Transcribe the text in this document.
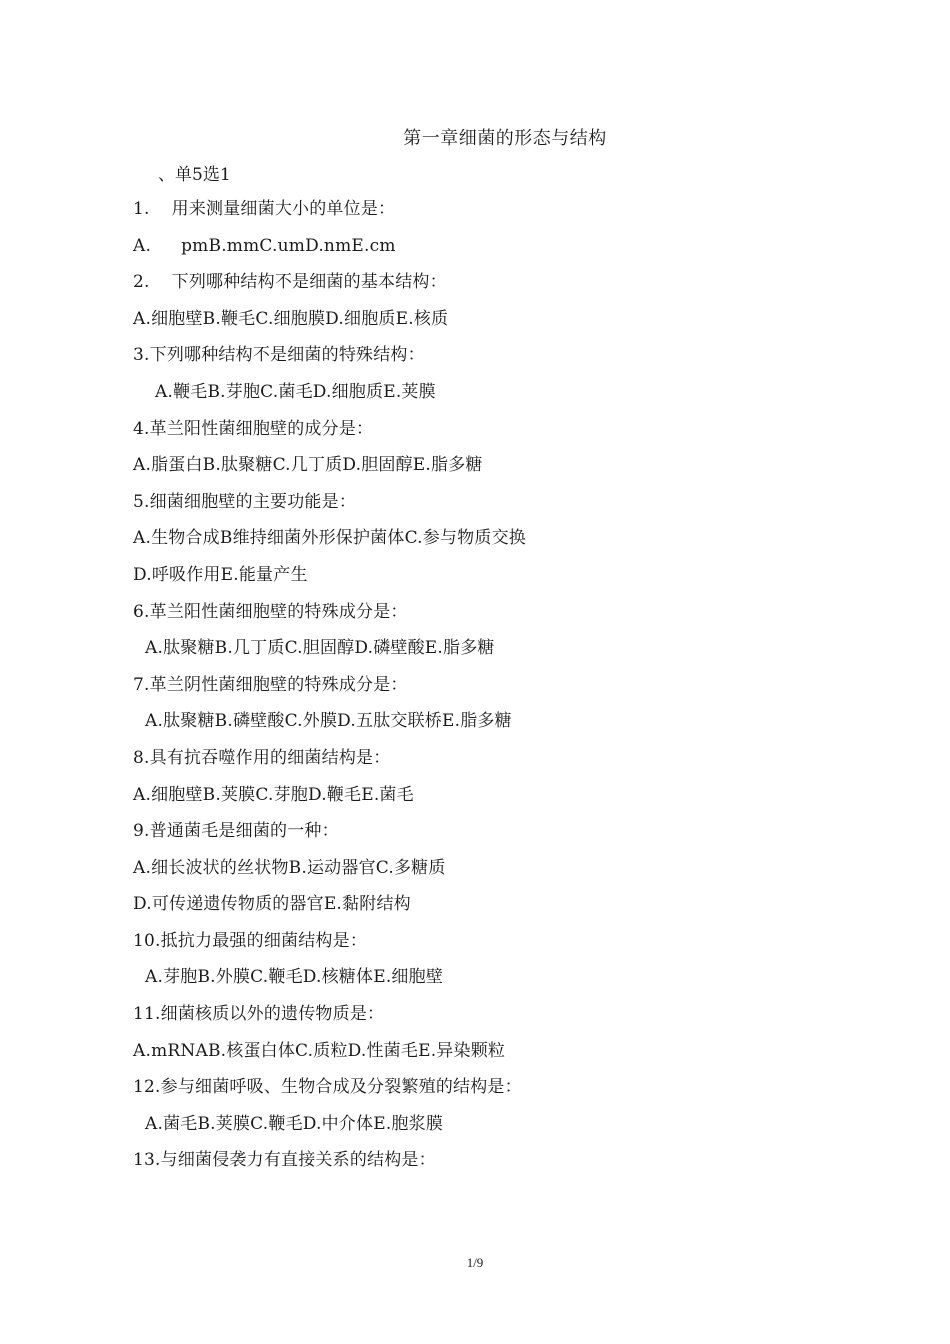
第一章细菌的形态与结构
、单5选1
1. 用来测量细菌大小的单位是：
A. pmB.mmC.umD.nmE.cm
2. 下列哪种结构不是细菌的基本结构：
A.细胞壁B.鞭毛C.细胞膜D.细胞质E.核质
3.下列哪种结构不是细菌的特殊结构：
A.鞭毛B.芽胞C.菌毛D.细胞质E.荚膜
4.革兰阳性菌细胞壁的成分是：
A.脂蛋白B.肽聚糖C.几丁质D.胆固醇E.脂多糖
5.细菌细胞壁的主要功能是：
A.生物合成B维持细菌外形保护菌体C.参与物质交换
D.呼吸作用E.能量产生
6.革兰阳性菌细胞壁的特殊成分是：
A.肽聚糖B.几丁质C.胆固醇D.磷壁酸E.脂多糖
7.革兰阴性菌细胞壁的特殊成分是：
A.肽聚糖B.磷壁酸C.外膜D.五肽交联桥E.脂多糖
8.具有抗吞噬作用的细菌结构是：
A.细胞壁B.荚膜C.芽胞D.鞭毛E.菌毛
9.普通菌毛是细菌的一种：
A.细长波状的丝状物B.运动器官C.多糖质
D.可传递遗传物质的器官E.黏附结构
10.抵抗力最强的细菌结构是：
A.芽胞B.外膜C.鞭毛D.核糖体E.细胞壁
11.细菌核质以外的遗传物质是：
A.mRNAB.核蛋白体C.质粒D.性菌毛E.异染颗粒
12.参与细菌呼吸、生物合成及分裂繁殖的结构是：
A.菌毛B.荚膜C.鞭毛D.中介体E.胞浆膜
13.与细菌侵袭力有直接关系的结构是：
1/9
